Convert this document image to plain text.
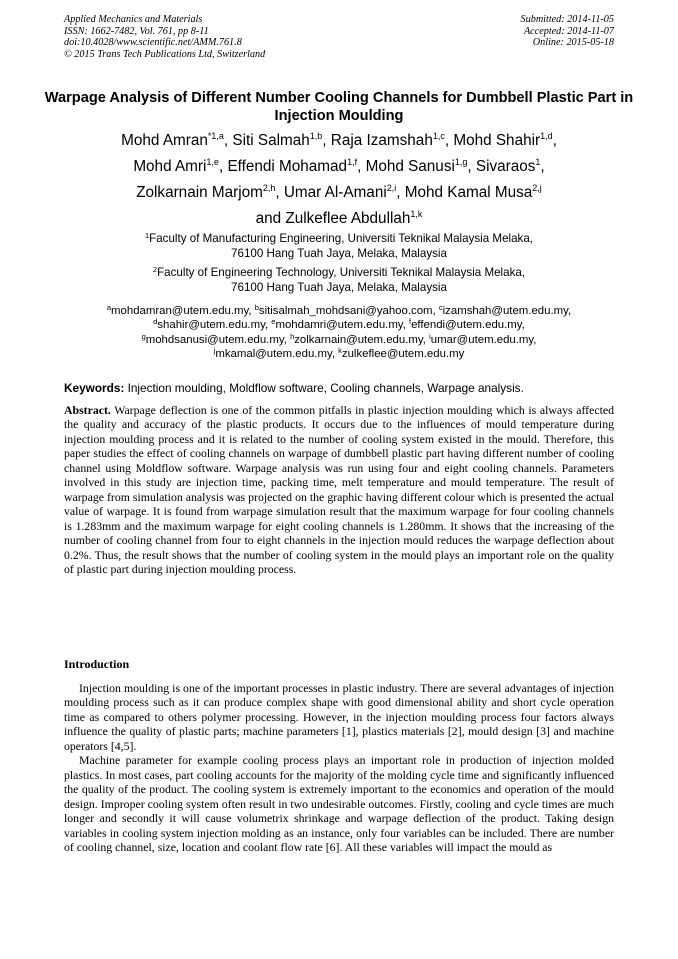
Applied Mechanics and Materials
ISSN: 1662-7482, Vol. 761, pp 8-11
doi:10.4028/www.scientific.net/AMM.761.8
© 2015 Trans Tech Publications Ltd, Switzerland
Submitted: 2014-11-05
Accepted: 2014-11-07
Online: 2015-05-18
Warpage Analysis of Different Number Cooling Channels for Dumbbell Plastic Part in Injection Moulding
Mohd Amran$^{*1,a}$, Siti Salmah$^{1,b}$, Raja Izamshah$^{1,c}$, Mohd Shahir$^{1,d}$,
Mohd Amri$^{1,e}$, Effendi Mohamad$^{1,f}$, Mohd Sanusi$^{1,g}$, Sivaraos$^1$,
Zolkarnain Marjom$^{2,h}$, Umar Al-Amani$^{2,i}$, Mohd Kamal Musa$^{2,j}$
and Zulkeflee Abdullah$^{1,k}$
$^1$Faculty of Manufacturing Engineering, Universiti Teknikal Malaysia Melaka,
76100 Hang Tuah Jaya, Melaka, Malaysia
$^2$Faculty of Engineering Technology, Universiti Teknikal Malaysia Melaka,
76100 Hang Tuah Jaya, Melaka, Malaysia
$^a$mohdamran@utem.edu.my, $^b$sitisalmah_mohdsani@yahoo.com, $^c$izamshah@utem.edu.my,
$^d$shahir@utem.edu.my, $^e$mohdamri@utem.edu.my, $^f$effendi@utem.edu.my,
$^g$mohdsanusi@utem.edu.my, $^h$zolkarnain@utem.edu.my, $^i$umar@utem.edu.my,
$^j$mkamal@utem.edu.my, $^k$zulkeflee@utem.edu.my
Keywords: Injection moulding, Moldflow software, Cooling channels, Warpage analysis.
Abstract. Warpage deflection is one of the common pitfalls in plastic injection moulding which is always affected the quality and accuracy of the plastic products. It occurs due to the influences of mould temperature during injection moulding process and it is related to the number of cooling system existed in the mould. Therefore, this paper studies the effect of cooling channels on warpage of dumbbell plastic part having different number of cooling channel using Moldflow software. Warpage analysis was run using four and eight cooling channels. Parameters involved in this study are injection time, packing time, melt temperature and mould temperature. The result of warpage from simulation analysis was projected on the graphic having different colour which is presented the actual value of warpage. It is found from warpage simulation result that the maximum warpage for four cooling channels is 1.283mm and the maximum warpage for eight cooling channels is 1.280mm. It shows that the increasing of the number of cooling channel from four to eight channels in the injection mould reduces the warpage deflection about 0.2%. Thus, the result shows that the number of cooling system in the mould plays an important role on the quality of plastic part during injection moulding process.
Introduction

Injection moulding is one of the important processes in plastic industry. There are several advantages of injection moulding process such as it can produce complex shape with good dimensional ability and short cycle operation time as compared to others polymer processing. However, in the injection moulding process four factors always influence the quality of plastic parts; machine parameters [1], plastics materials [2], mould design [3] and machine operators [4,5].

Machine parameter for example cooling process plays an important role in production of injection molded plastics. In most cases, part cooling accounts for the majority of the molding cycle time and significantly influenced the quality of the product. The cooling system is extremely important to the economics and operation of the mould design. Improper cooling system often result in two undesirable outcomes. Firstly, cooling and cycle times are much longer and secondly it will cause volumetrix shrinkage and warpage deflection of the product. Taking design variables in cooling system injection molding as an instance, only four variables can be included. There are number of cooling channel, size, location and coolant flow rate [6]. All these variables will impact the mould as
